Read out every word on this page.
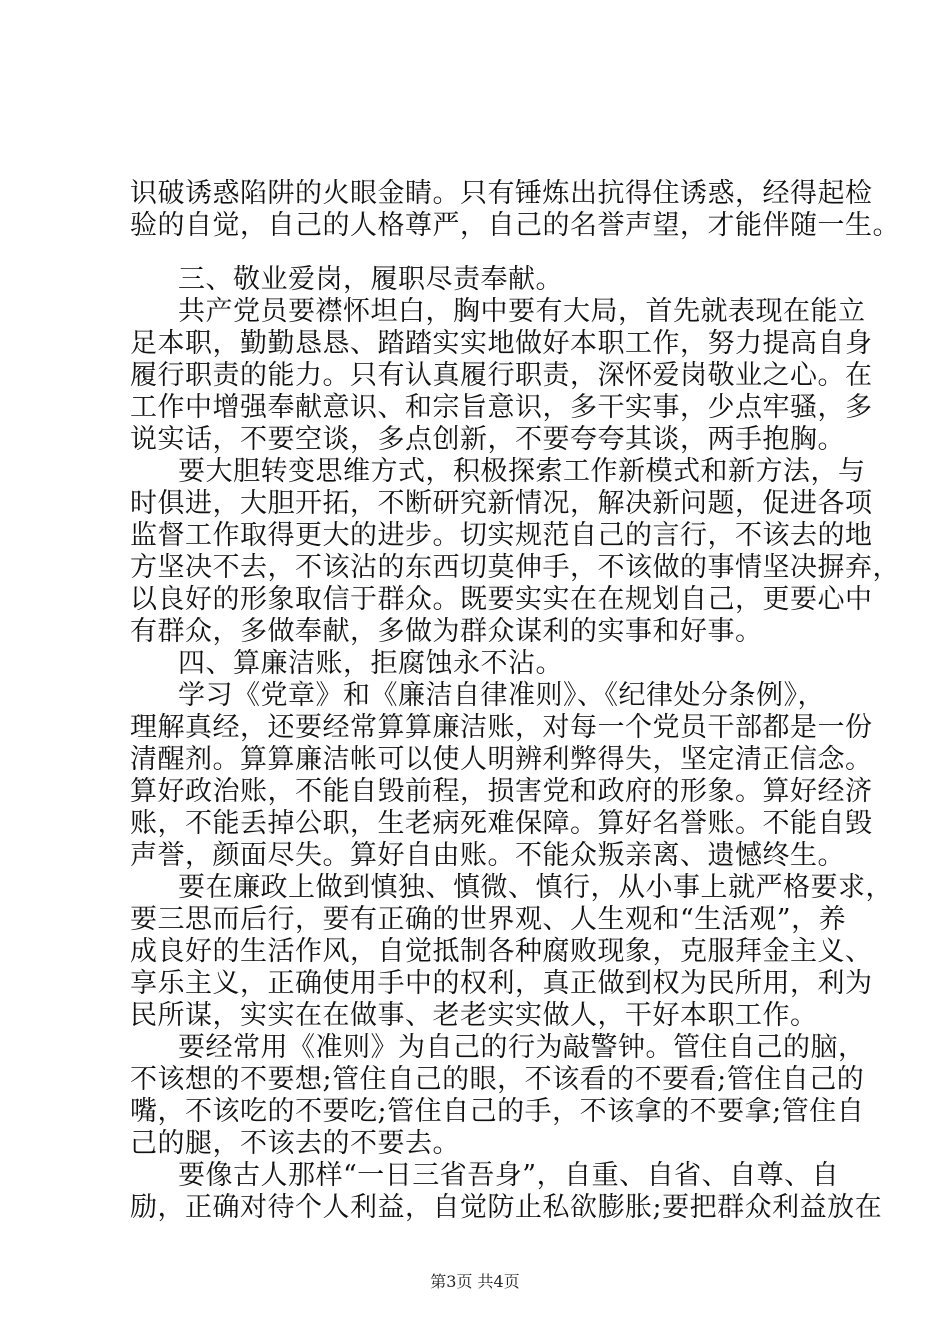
识破诱惑陷阱的火眼金睛。只有锤炼出抗得住诱惑，经得起检
验的自觉，自己的人格尊严，自己的名誉声望，才能伴随一生。
三、敬业爱岗，履职尽责奉献。
共产党员要襟怀坦白，胸中要有大局，首先就表现在能立
足本职，勤勤恳恳、踏踏实实地做好本职工作，努力提高自身
履行职责的能力。只有认真履行职责，深怀爱岗敬业之心。在
工作中增强奉献意识、和宗旨意识，多干实事，少点牢骚，多
说实话，不要空谈，多点创新，不要夸夸其谈，两手抱胸。
要大胆转变思维方式，积极探索工作新模式和新方法，与
时俱进，大胆开拓，不断研究新情况，解决新问题，促进各项
监督工作取得更大的进步。切实规范自己的言行，不该去的地
方坚决不去，不该沾的东西切莫伸手，不该做的事情坚决摒弃，
以良好的形象取信于群众。既要实实在在规划自己，更要心中
有群众，多做奉献，多做为群众谋利的实事和好事。
四、算廉洁账，拒腐蚀永不沾。
学习《党章》和《廉洁自律准则》、《纪律处分条例》，
理解真经，还要经常算算廉洁账，对每一个党员干部都是一份
清醒剂。算算廉洁帐可以使人明辨利弊得失，坚定清正信念。
算好政治账，不能自毁前程，损害党和政府的形象。算好经济
账，不能丢掉公职，生老病死难保障。算好名誉账。不能自毁
声誉，颜面尽失。算好自由账。不能众叛亲离、遗憾终生。
要在廉政上做到慎独、慎微、慎行，从小事上就严格要求，
要三思而后行，要有正确的世界观、人生观和“生活观”，养
成良好的生活作风，自觉抵制各种腐败现象，克服拜金主义、
享乐主义，正确使用手中的权利，真正做到权为民所用，利为
民所谋，实实在在做事、老老实实做人，干好本职工作。
要经常用《准则》为自己的行为敲警钟。管住自己的脑，
不该想的不要想;管住自己的眼，不该看的不要看;管住自己的
嘴，不该吃的不要吃;管住自己的手，不该拿的不要拿;管住自
己的腿，不该去的不要去。
要像古人那样“一日三省吾身”，自重、自省、自尊、自
励，正确对待个人利益，自觉防止私欲膨胀;要把群众利益放在
第3页 共4页
